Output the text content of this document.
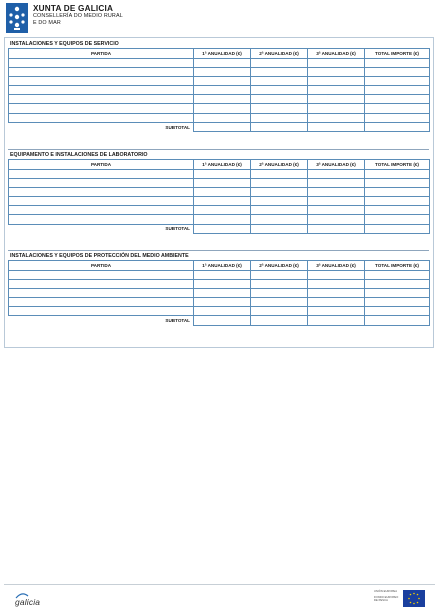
XUNTA DE GALICIA
CONSELLERÍA DO MEDIO RURAL
E DO MAR
INSTALACIONES Y EQUIPOS DE SERVICIO
PARTIDA	1ª ANUALIDAD (€)	2ª ANUALIDAD (€)	3ª ANUALIDAD (€)	TOTAL IMPORTE (€)

SUBTOTAL				
EQUIPAMENTO E INSTALACIONES DE LABORATORIO
PARTIDA	1ª ANUALIDAD (€)	2ª ANUALIDAD (€)	3ª ANUALIDAD (€)	TOTAL IMPORTE (€)

SUBTOTAL				
INSTALACIONES Y EQUIPOS DE PROTECCIÓN DEL MEDIO AMBIENTE
PARTIDA	1ª ANUALIDAD (€)	2ª ANUALIDAD (€)	3ª ANUALIDAD (€)	TOTAL IMPORTE (€)

SUBTOTAL				
galicia
UNIÓN EUROPEA
FONDO EUROPEO
DE PESCA
